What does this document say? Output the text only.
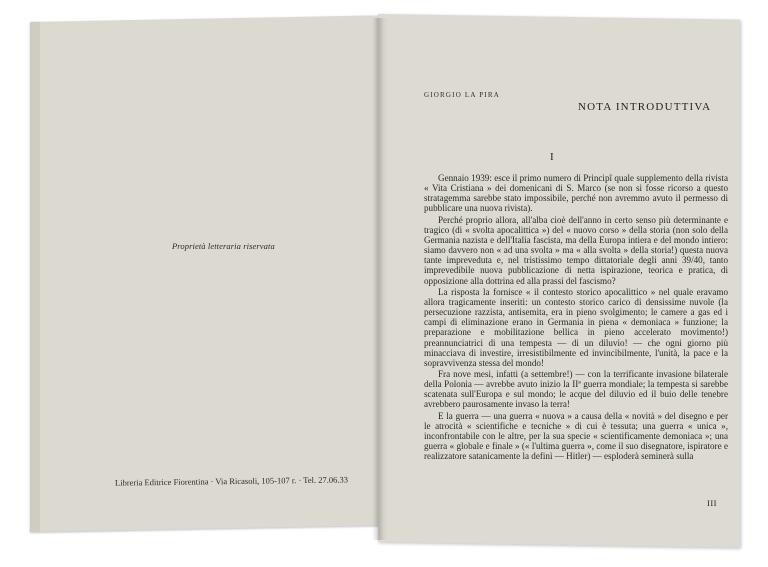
Proprietà letteraria riservata
Libreria Editrice Fiorentina · Via Ricasoli, 105-107 r. · Tel. 27.06.33
GIORGIO LA PIRA
NOTA INTRODUTTIVA
I

Gennaio 1939: esce il primo numero di Principî quale supplemento della rivista « Vita Cristiana » dei domenicani di S. Marco (se non si fosse ricorso a questo stratagemma sarebbe stato impossibile, perché non avremmo avuto il permesso di pubblicare una nuova rivista).

Perché proprio allora, all'alba cioè dell'anno in certo senso più determinante e tragico (di « svolta apocalittica ») del « nuovo corso » della storia (non solo della Germania nazista e dell'Italia fascista, ma della Europa intiera e del mondo intiero: siamo davvero non « ad una svolta » ma « alla svolta » della storia!) questa nuova tante impreveduta e, nel tristissimo tempo dittatoriale degli anni 39/40, tanto imprevedibile nuova pubblicazione di netta ispirazione, teorica e pratica, di opposizione alla dottrina ed alla prassi del fascismo?

La risposta la fornisce « il contesto storico apocalittico » nel quale eravamo allora tragicamente inseriti: un contesto storico carico di densissime nuvole (la persecuzione razzista, antisemita, era in pieno svolgimento; le camere a gas ed i campi di eliminazione erano in Germania in piena « demoniaca » funzione; la preparazione e mobilitazione bellica in pieno accelerato movimento!) preannunciatrici di una tempesta — di un diluvio! — che ogni giorno più minacciava di investire, irresistibilmente ed invincibilmente, l'unità, la pace e la sopravvivenza stessa del mondo!

Fra nove mesi, infatti (a settembre!) — con la terrificante invasione bilaterale della Polonia — avrebbe avuto inizio la IIª guerra mondiale; la tempesta si sarebbe scatenata sull'Europa e sul mondo; le acque del diluvio ed il buio delle tenebre avrebbero paurosamente invaso la terra!

E la guerra — una guerra « nuova » a causa della « novità » del disegno e per le atrocità « scientifiche e tecniche » di cui è tessuta; una guerra « unica », inconfrontabile con le altre, per la sua specie « scientificamente demoniaca »; una guerra « globale e finale » (« l'ultima guerra », come il suo disegnatore, ispiratore e realizzatore satanicamente la definì — Hitler) — esploderà seminerà sulla

III
